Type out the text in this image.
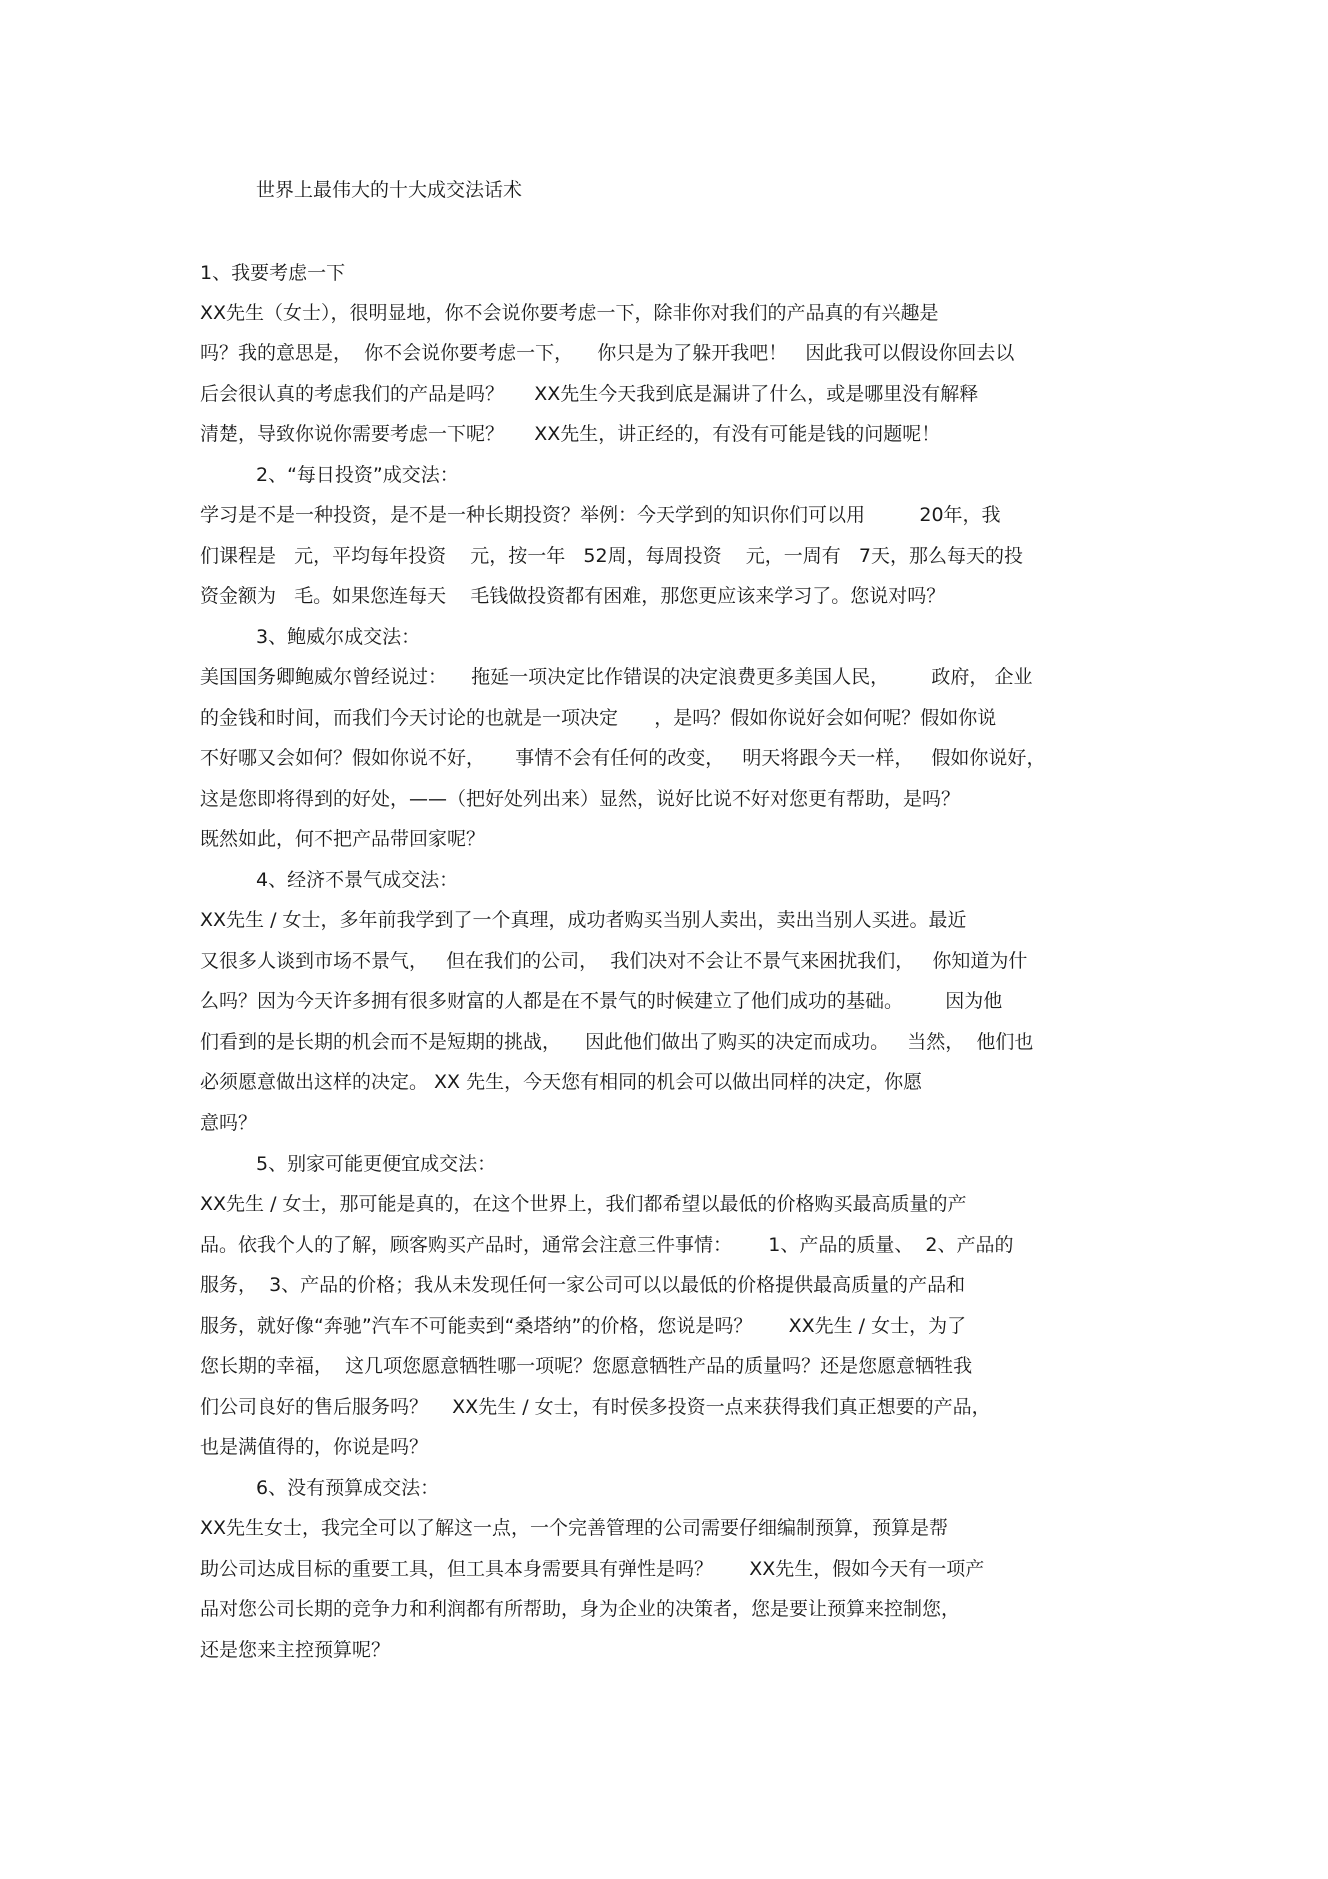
世界上最伟大的十大成交法话术
1、我要考虑一下
XX先生（女士），很明显地，你不会说你要考虑一下，除非你对我们的产品真的有兴趣是
吗？我的意思是，  你不会说你要考虑一下，    你只是为了躲开我吧！   因此我可以假设你回去以
后会很认真的考虑我们的产品是吗？     XX先生今天我到底是漏讲了什么，或是哪里没有解释
清楚，导致你说你需要考虑一下呢？     XX先生，讲正经的，有没有可能是钱的问题呢！
2、“每日投资”成交法：
学习是不是一种投资，是不是一种长期投资？举例：今天学到的知识你们可以用         20年，我
们课程是   元，平均每年投资    元，按一年   52周，每周投资    元，一周有   7天，那么每天的投
资金额为   毛。如果您连每天    毛钱做投资都有困难，那您更应该来学习了。您说对吗？
3、鲍威尔成交法：
美国国务卿鲍威尔曾经说过：    拖延一项决定比作错误的决定浪费更多美国人民，       政府， 企业
的金钱和时间，而我们今天讨论的也就是一项决定      ，是吗？假如你说好会如何呢？假如你说
不好哪又会如何？假如你说不好，     事情不会有任何的改变，   明天将跟今天一样，   假如你说好，
这是您即将得到的好处，——（把好处列出来）显然，说好比说不好对您更有帮助，是吗？
既然如此，何不把产品带回家呢？
4、经济不景气成交法：
XX先生 / 女士，多年前我学到了一个真理，成功者购买当别人卖出，卖出当别人买进。最近
又很多人谈到市场不景气，   但在我们的公司，  我们决对不会让不景气来困扰我们，   你知道为什
么吗？因为今天许多拥有很多财富的人都是在不景气的时候建立了他们成功的基础。       因为他
们看到的是长期的机会而不是短期的挑战，    因此他们做出了购买的决定而成功。   当然，  他们也
必须愿意做出这样的决定。 XX 先生，今天您有相同的机会可以做出同样的决定，你愿
意吗？
5、别家可能更便宜成交法：
XX先生 / 女士，那可能是真的，在这个世界上，我们都希望以最低的价格购买最高质量的产
品。依我个人的了解，顾客购买产品时，通常会注意三件事情：      1、产品的质量、  2、产品的
服务，  3、产品的价格；我从未发现任何一家公司可以以最低的价格提供最高质量的产品和
服务，就好像“奔驰”汽车不可能卖到“桑塔纳”的价格，您说是吗？      XX先生 / 女士，为了
您长期的幸福，  这几项您愿意牺牲哪一项呢？您愿意牺牲产品的质量吗？还是您愿意牺牲我
们公司良好的售后服务吗？    XX先生 / 女士，有时侯多投资一点来获得我们真正想要的产品，
也是满值得的，你说是吗？
6、没有预算成交法：
XX先生女士，我完全可以了解这一点，一个完善管理的公司需要仔细编制预算，预算是帮
助公司达成目标的重要工具，但工具本身需要具有弹性是吗？      XX先生，假如今天有一项产
品对您公司长期的竞争力和利润都有所帮助，身为企业的决策者，您是要让预算来控制您，
还是您来主控预算呢？
